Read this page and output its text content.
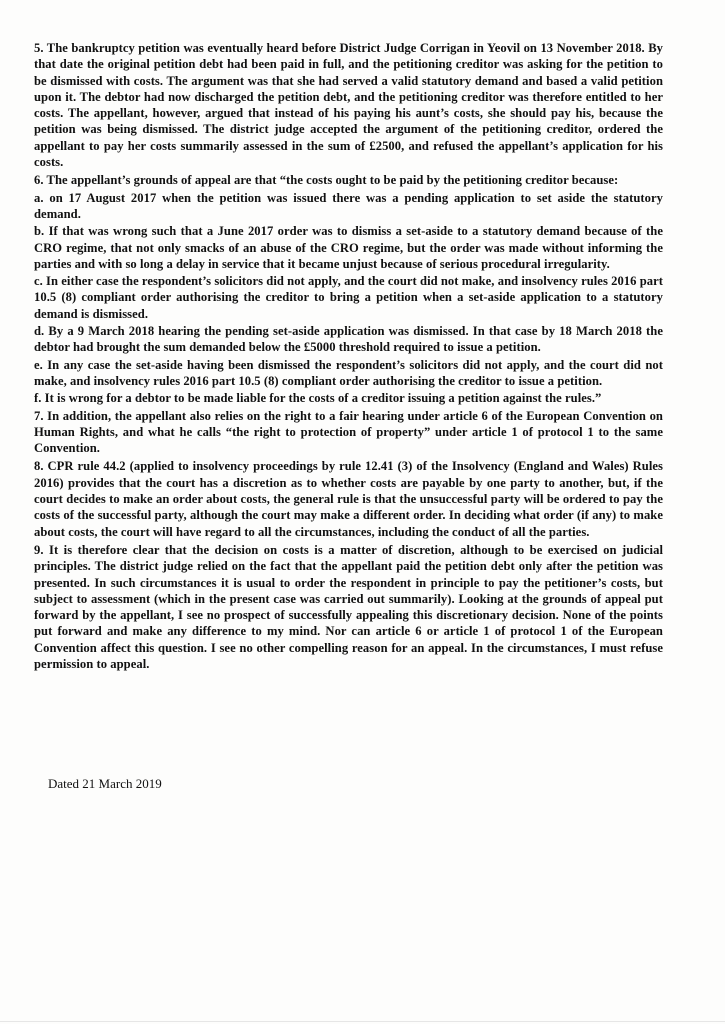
5. The bankruptcy petition was eventually heard before District Judge Corrigan in Yeovil on 13 November 2018. By that date the original petition debt had been paid in full, and the petitioning creditor was asking for the petition to be dismissed with costs. The argument was that she had served a valid statutory demand and based a valid petition upon it. The debtor had now discharged the petition debt, and the petitioning creditor was therefore entitled to her costs. The appellant, however, argued that instead of his paying his aunt’s costs, she should pay his, because the petition was being dismissed. The district judge accepted the argument of the petitioning creditor, ordered the appellant to pay her costs summarily assessed in the sum of £2500, and refused the appellant’s application for his costs.

6. The appellant’s grounds of appeal are that “the costs ought to be paid by the petitioning creditor because:

a. on 17 August 2017 when the petition was issued there was a pending application to set aside the statutory demand.

b. If that was wrong such that a June 2017 order was to dismiss a set-aside to a statutory demand because of the CRO regime, that not only smacks of an abuse of the CRO regime, but the order was made without informing the parties and with so long a delay in service that it became unjust because of serious procedural irregularity.

c. In either case the respondent’s solicitors did not apply, and the court did not make, and insolvency rules 2016 part 10.5 (8) compliant order authorising the creditor to bring a petition when a set-aside application to a statutory demand is dismissed.

d. By a 9 March 2018 hearing the pending set-aside application was dismissed. In that case by 18 March 2018 the debtor had brought the sum demanded below the £5000 threshold required to issue a petition.

e. In any case the set-aside having been dismissed the respondent’s solicitors did not apply, and the court did not make, and insolvency rules 2016 part 10.5 (8) compliant order authorising the creditor to issue a petition.

f. It is wrong for a debtor to be made liable for the costs of a creditor issuing a petition against the rules.”

7. In addition, the appellant also relies on the right to a fair hearing under article 6 of the European Convention on Human Rights, and what he calls “the right to protection of property” under article 1 of protocol 1 to the same Convention.

8. CPR rule 44.2 (applied to insolvency proceedings by rule 12.41 (3) of the Insolvency (England and Wales) Rules 2016) provides that the court has a discretion as to whether costs are payable by one party to another, but, if the court decides to make an order about costs, the general rule is that the unsuccessful party will be ordered to pay the costs of the successful party, although the court may make a different order. In deciding what order (if any) to make about costs, the court will have regard to all the circumstances, including the conduct of all the parties.

9. It is therefore clear that the decision on costs is a matter of discretion, although to be exercised on judicial principles. The district judge relied on the fact that the appellant paid the petition debt only after the petition was presented. In such circumstances it is usual to order the respondent in principle to pay the petitioner’s costs, but subject to assessment (which in the present case was carried out summarily). Looking at the grounds of appeal put forward by the appellant, I see no prospect of successfully appealing this discretionary decision. None of the points put forward and make any difference to my mind. Nor can article 6 or article 1 of protocol 1 of the European Convention affect this question. I see no other compelling reason for an appeal. In the circumstances, I must refuse permission to appeal.

Dated 21 March 2019
